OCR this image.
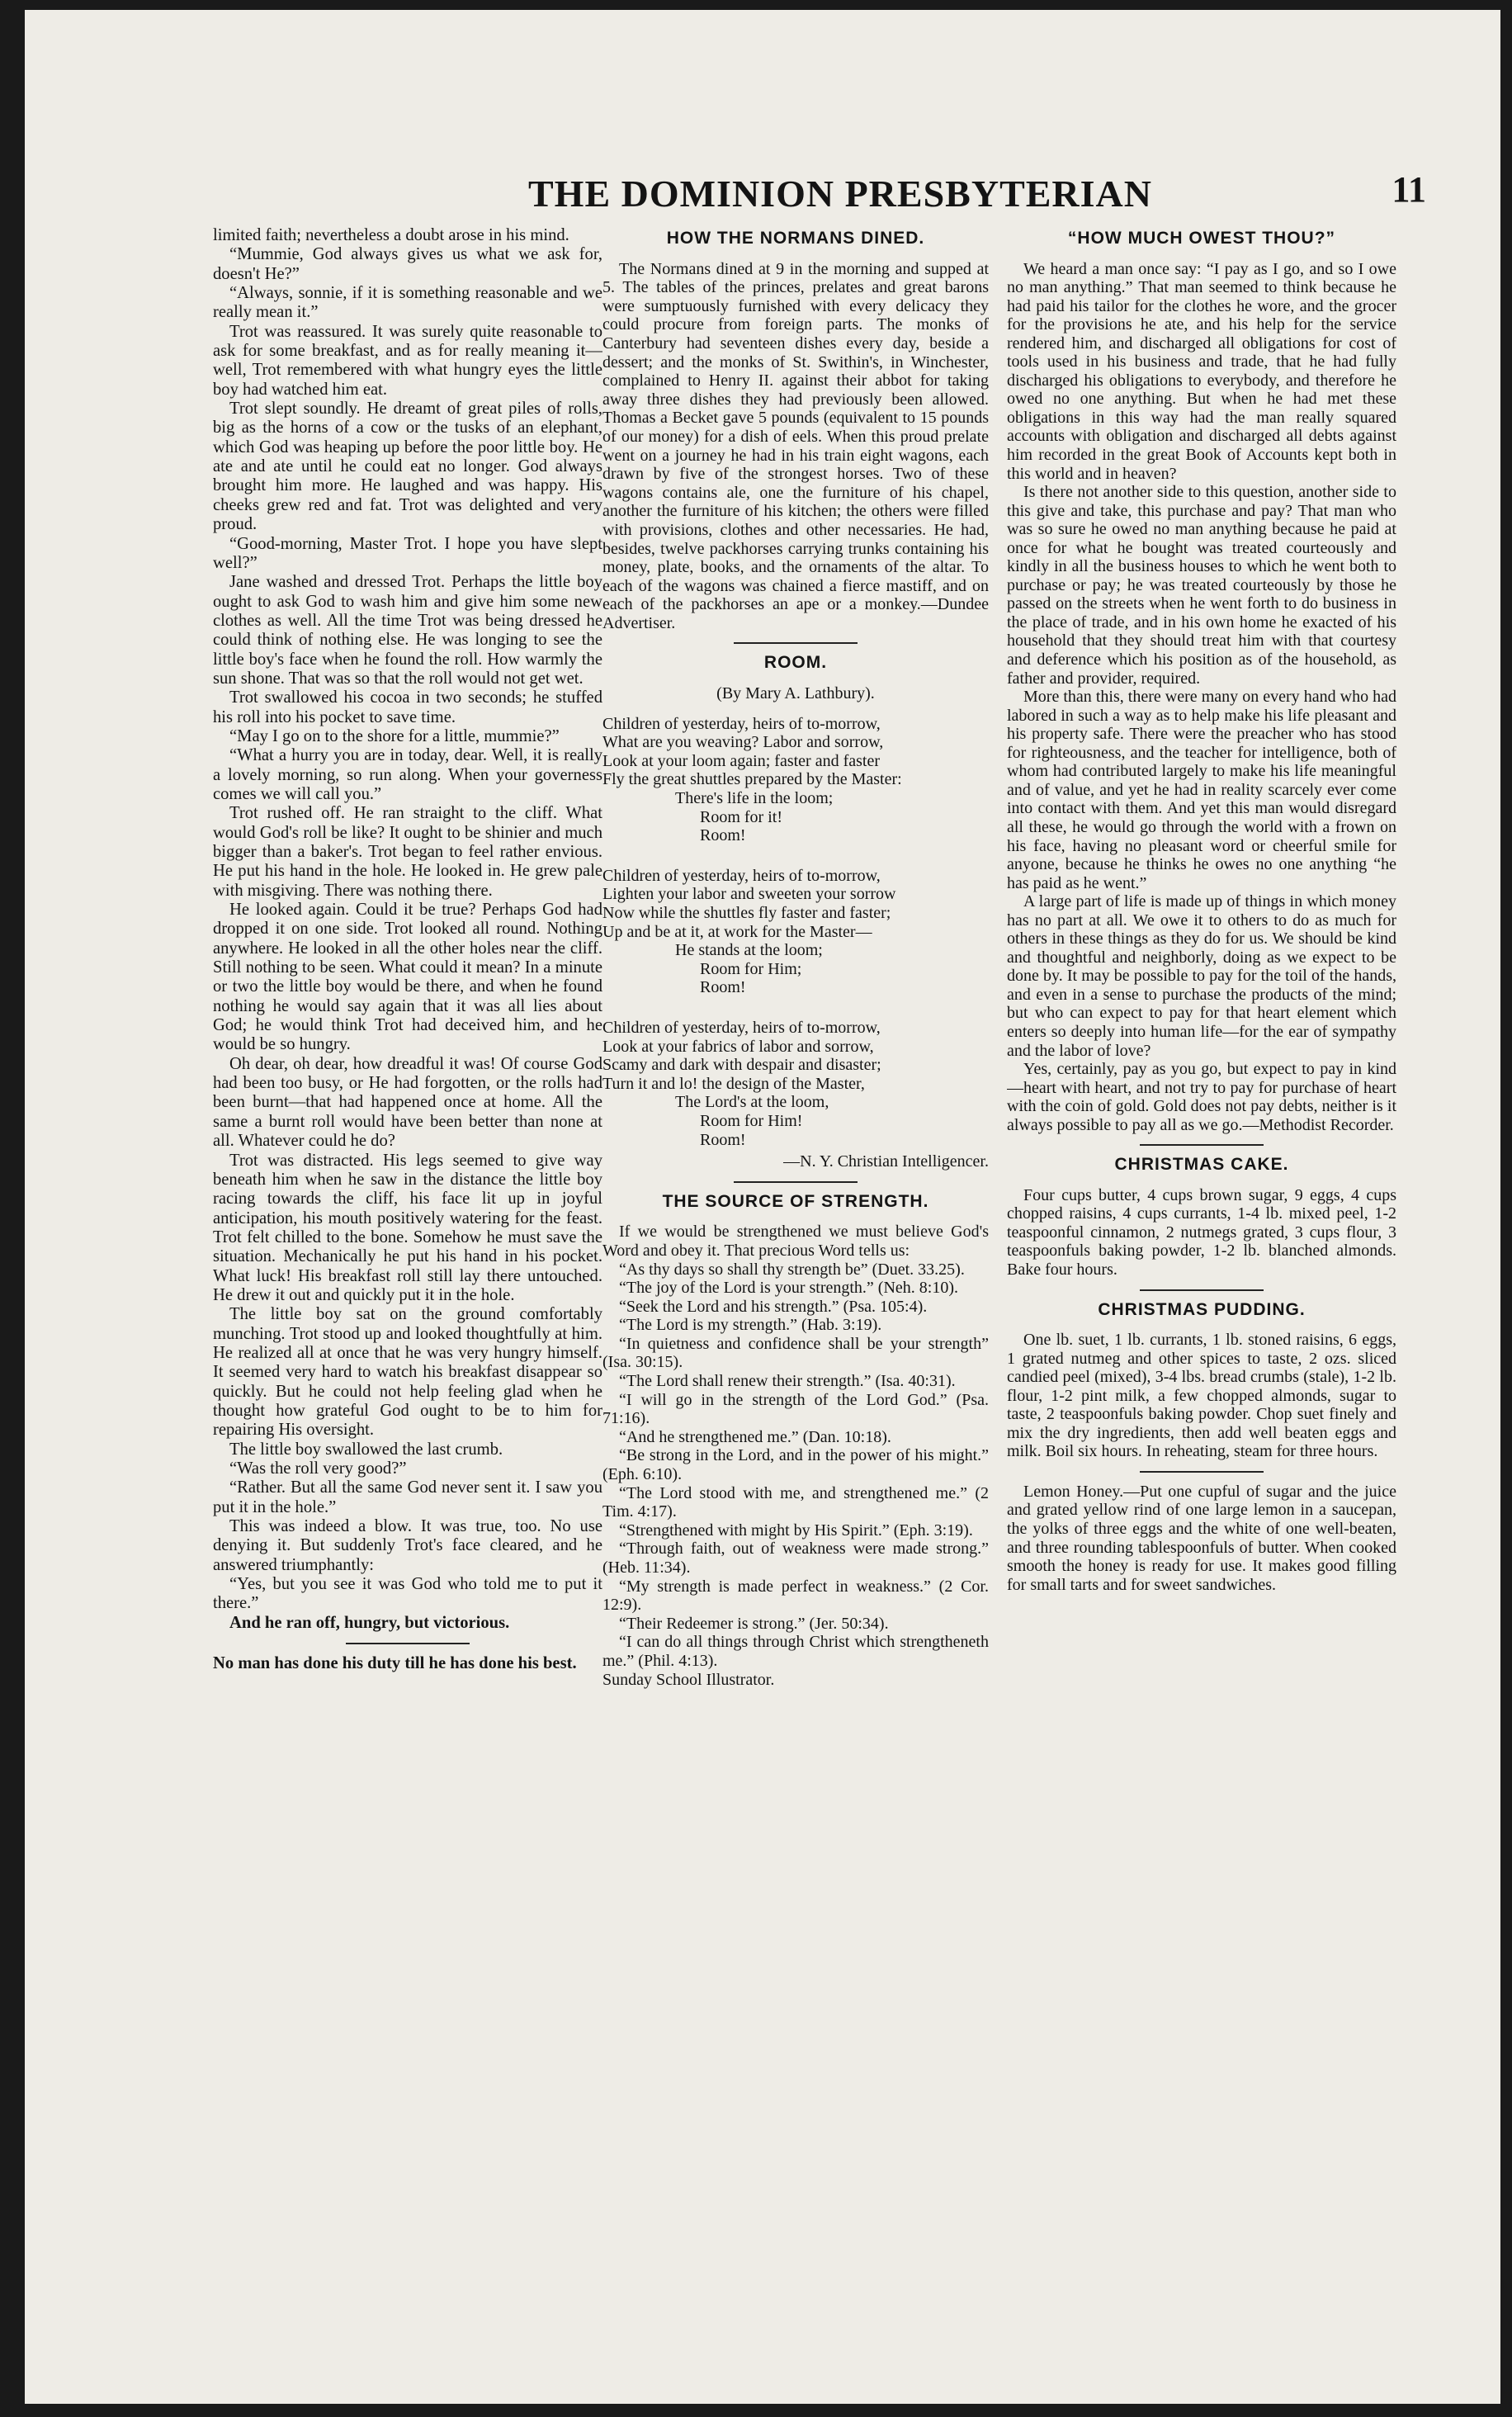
THE DOMINION PRESBYTERIAN	11

limited faith; nevertheless a doubt arose in his mind.

“Mummie, God always gives us what we ask for, doesn't He?”

“Always, sonnie, if it is something reasonable and we really mean it.”

Trot was reassured. It was surely quite reasonable to ask for some breakfast, and as for really meaning it—well, Trot remembered with what hungry eyes the little boy had watched him eat.

Trot slept soundly. He dreamt of great piles of rolls, big as the horns of a cow or the tusks of an elephant, which God was heaping up before the poor little boy. He ate and ate until he could eat no longer. God always brought him more. He laughed and was happy. His cheeks grew red and fat. Trot was delighted and very proud.

“Good-morning, Master Trot. I hope you have slept well?”

Jane washed and dressed Trot. Perhaps the little boy ought to ask God to wash him and give him some new clothes as well. All the time Trot was being dressed he could think of nothing else. He was longing to see the little boy's face when he found the roll. How warmly the sun shone. That was so that the roll would not get wet.

Trot swallowed his cocoa in two seconds; he stuffed his roll into his pocket to save time.

“May I go on to the shore for a little, mummie?”

“What a hurry you are in today, dear. Well, it is really a lovely morning, so run along. When your governess comes we will call you.”

Trot rushed off. He ran straight to the cliff. What would God's roll be like? It ought to be shinier and much bigger than a baker's. Trot began to feel rather envious. He put his hand in the hole. He looked in. He grew pale with misgiving. There was nothing there.

He looked again. Could it be true? Perhaps God had dropped it on one side. Trot looked all round. Nothing anywhere. He looked in all the other holes near the cliff. Still nothing to be seen. What could it mean? In a minute or two the little boy would be there, and when he found nothing he would say again that it was all lies about God; he would think Trot had deceived him, and he would be so hungry.

Oh dear, oh dear, how dreadful it was! Of course God had been too busy, or He had forgotten, or the rolls had been burnt—that had happened once at home. All the same a burnt roll would have been better than none at all. Whatever could he do?

Trot was distracted. His legs seemed to give way beneath him when he saw in the distance the little boy racing towards the cliff, his face lit up in joyful anticipation, his mouth positively watering for the feast. Trot felt chilled to the bone. Somehow he must save the situation. Mechanically he put his hand in his pocket. What luck! His breakfast roll still lay there untouched. He drew it out and quickly put it in the hole.

The little boy sat on the ground comfortably munching. Trot stood up and looked thoughtfully at him. He realized all at once that he was very hungry himself. It seemed very hard to watch his breakfast disappear so quickly. But he could not help feeling glad when he thought how grateful God ought to be to him for repairing His oversight.

The little boy swallowed the last crumb.

“Was the roll very good?”

“Rather. But all the same God never sent it. I saw you put it in the hole.”

This was indeed a blow. It was true, too. No use denying it. But suddenly Trot's face cleared, and he answered triumphantly:

“Yes, but you see it was God who told me to put it there.”

And he ran off, hungry, but victorious.

No man has done his duty till he has done his best.

HOW THE NORMANS DINED.

The Normans dined at 9 in the morning and supped at 5. The tables of the princes, prelates and great barons were sumptuously furnished with every delicacy they could procure from foreign parts. The monks of Canterbury had seventeen dishes every day, beside a dessert; and the monks of St. Swithin's, in Winchester, complained to Henry II. against their abbot for taking away three dishes they had previously been allowed. Thomas a Becket gave 5 pounds (equivalent to 15 pounds of our money) for a dish of eels. When this proud prelate went on a journey he had in his train eight wagons, each drawn by five of the strongest horses. Two of these wagons contains ale, one the furniture of his chapel, another the furniture of his kitchen; the others were filled with provisions, clothes and other necessaries. He had, besides, twelve packhorses carrying trunks containing his money, plate, books, and the ornaments of the altar. To each of the wagons was chained a fierce mastiff, and on each of the packhorses an ape or a monkey.—Dundee Advertiser.

ROOM.
(By Mary A. Lathbury).
Children of yesterday, heirs of to-morrow,
What are you weaving? Labor and sorrow,
Look at your loom again; faster and faster
Fly the great shuttles prepared by the Master:
There's life in the loom;
Room for it!
Room!
Children of yesterday, heirs of to-morrow,
Lighten your labor and sweeten your sorrow
Now while the shuttles fly faster and faster;
Up and be at it, at work for the Master—
He stands at the loom;
Room for Him;
Room!
Children of yesterday, heirs of to-morrow,
Look at your fabrics of labor and sorrow,
Scamy and dark with despair and disaster;
Turn it and lo! the design of the Master,
The Lord's at the loom,
Room for Him!
Room!
—N. Y. Christian Intelligencer.
THE SOURCE OF STRENGTH.

If we would be strengthened we must believe God's Word and obey it. That precious Word tells us:

“As thy days so shall thy strength be” (Duet. 33.25).

“The joy of the Lord is your strength.” (Neh. 8:10).

“Seek the Lord and his strength.” (Psa. 105:4).

“The Lord is my strength.” (Hab. 3:19).

“In quietness and confidence shall be your strength” (Isa. 30:15).

“The Lord shall renew their strength.” (Isa. 40:31).

“I will go in the strength of the Lord God.” (Psa. 71:16).

“And he strengthened me.” (Dan. 10:18).

“Be strong in the Lord, and in the power of his might.” (Eph. 6:10).

“The Lord stood with me, and strengthened me.” (2 Tim. 4:17).

“Strengthened with might by His Spirit.” (Eph. 3:19).

“Through faith, out of weakness were made strong.” (Heb. 11:34).

“My strength is made perfect in weakness.” (2 Cor. 12:9).

“Their Redeemer is strong.” (Jer. 50:34).

“I can do all things through Christ which strengtheneth me.” (Phil. 4:13).

Sunday School Illustrator.

“HOW MUCH OWEST THOU?”

We heard a man once say: “I pay as I go, and so I owe no man anything.” That man seemed to think because he had paid his tailor for the clothes he wore, and the grocer for the provisions he ate, and his help for the service rendered him, and discharged all obligations for cost of tools used in his business and trade, that he had fully discharged his obligations to everybody, and therefore he owed no one anything. But when he had met these obligations in this way had the man really squared accounts with obligation and discharged all debts against him recorded in the great Book of Accounts kept both in this world and in heaven?

Is there not another side to this question, another side to this give and take, this purchase and pay? That man who was so sure he owed no man anything because he paid at once for what he bought was treated courteously and kindly in all the business houses to which he went both to purchase or pay; he was treated courteously by those he passed on the streets when he went forth to do business in the place of trade, and in his own home he exacted of his household that they should treat him with that courtesy and deference which his position as of the household, as father and provider, required.

More than this, there were many on every hand who had labored in such a way as to help make his life pleasant and his property safe. There were the preacher who has stood for righteousness, and the teacher for intelligence, both of whom had contributed largely to make his life meaningful and of value, and yet he had in reality scarcely ever come into contact with them. And yet this man would disregard all these, he would go through the world with a frown on his face, having no pleasant word or cheerful smile for anyone, because he thinks he owes no one anything “he has paid as he went.”

A large part of life is made up of things in which money has no part at all. We owe it to others to do as much for others in these things as they do for us. We should be kind and thoughtful and neighborly, doing as we expect to be done by. It may be possible to pay for the toil of the hands, and even in a sense to purchase the products of the mind; but who can expect to pay for that heart element which enters so deeply into human life—for the ear of sympathy and the labor of love?

Yes, certainly, pay as you go, but expect to pay in kind—heart with heart, and not try to pay for purchase of heart with the coin of gold. Gold does not pay debts, neither is it always possible to pay all as we go.—Methodist Recorder.

CHRISTMAS CAKE.

Four cups butter, 4 cups brown sugar, 9 eggs, 4 cups chopped raisins, 4 cups currants, 1-4 lb. mixed peel, 1-2 teaspoonful cinnamon, 2 nutmegs grated, 3 cups flour, 3 teaspoonfuls baking powder, 1-2 lb. blanched almonds. Bake four hours.

CHRISTMAS PUDDING.

One lb. suet, 1 lb. currants, 1 lb. stoned raisins, 6 eggs, 1 grated nutmeg and other spices to taste, 2 ozs. sliced candied peel (mixed), 3-4 lbs. bread crumbs (stale), 1-2 lb. flour, 1-2 pint milk, a few chopped almonds, sugar to taste, 2 teaspoonfuls baking powder. Chop suet finely and mix the dry ingredients, then add well beaten eggs and milk. Boil six hours. In reheating, steam for three hours.

Lemon Honey.—Put one cupful of sugar and the juice and grated yellow rind of one large lemon in a saucepan, the yolks of three eggs and the white of one well-beaten, and three rounding tablespoonfuls of butter. When cooked smooth the honey is ready for use. It makes good filling for small tarts and for sweet sandwiches.
